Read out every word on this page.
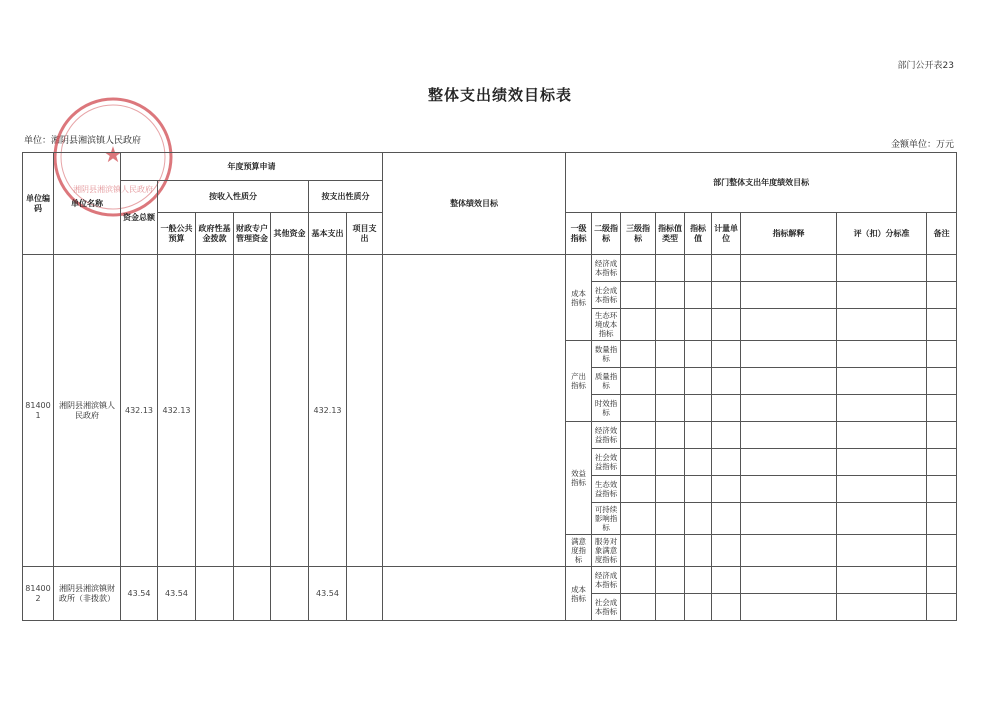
部门公开表23
整体支出绩效目标表
单位：湘阴县湘滨镇人民政府	金额单位：万元
★
湘阴县湘滨镇人民政府
单位编码	单位名称	年度预算申请							整体绩效目标	部门整体支出年度绩效目标								
		资金总额	按收入性质分				按支出性质分											
			一般公共预算	政府性基金拨款	财政专户管理资金	其他资金	基本支出	项目支出		一级指标	二级指标	三级指标	指标值类型	指标值	计量单位	指标解释	评（扣）分标准	备注
814001	湘阴县湘滨镇人民政府	432.13	432.13				432.13			成本指标	经济成本指标							
											社会成本指标							
											生态环境成本指标							
										产出指标	数量指标							
											质量指标							
											时效指标							
										效益指标	经济效益指标							
											社会效益指标							
											生态效益指标							
											可持续影响指标							
										满意度指标	服务对象满意度指标							
814002	湘阴县湘滨镇财政所（非拨款）	43.54	43.54				43.54			成本指标	经济成本指标							
											社会成本指标							
